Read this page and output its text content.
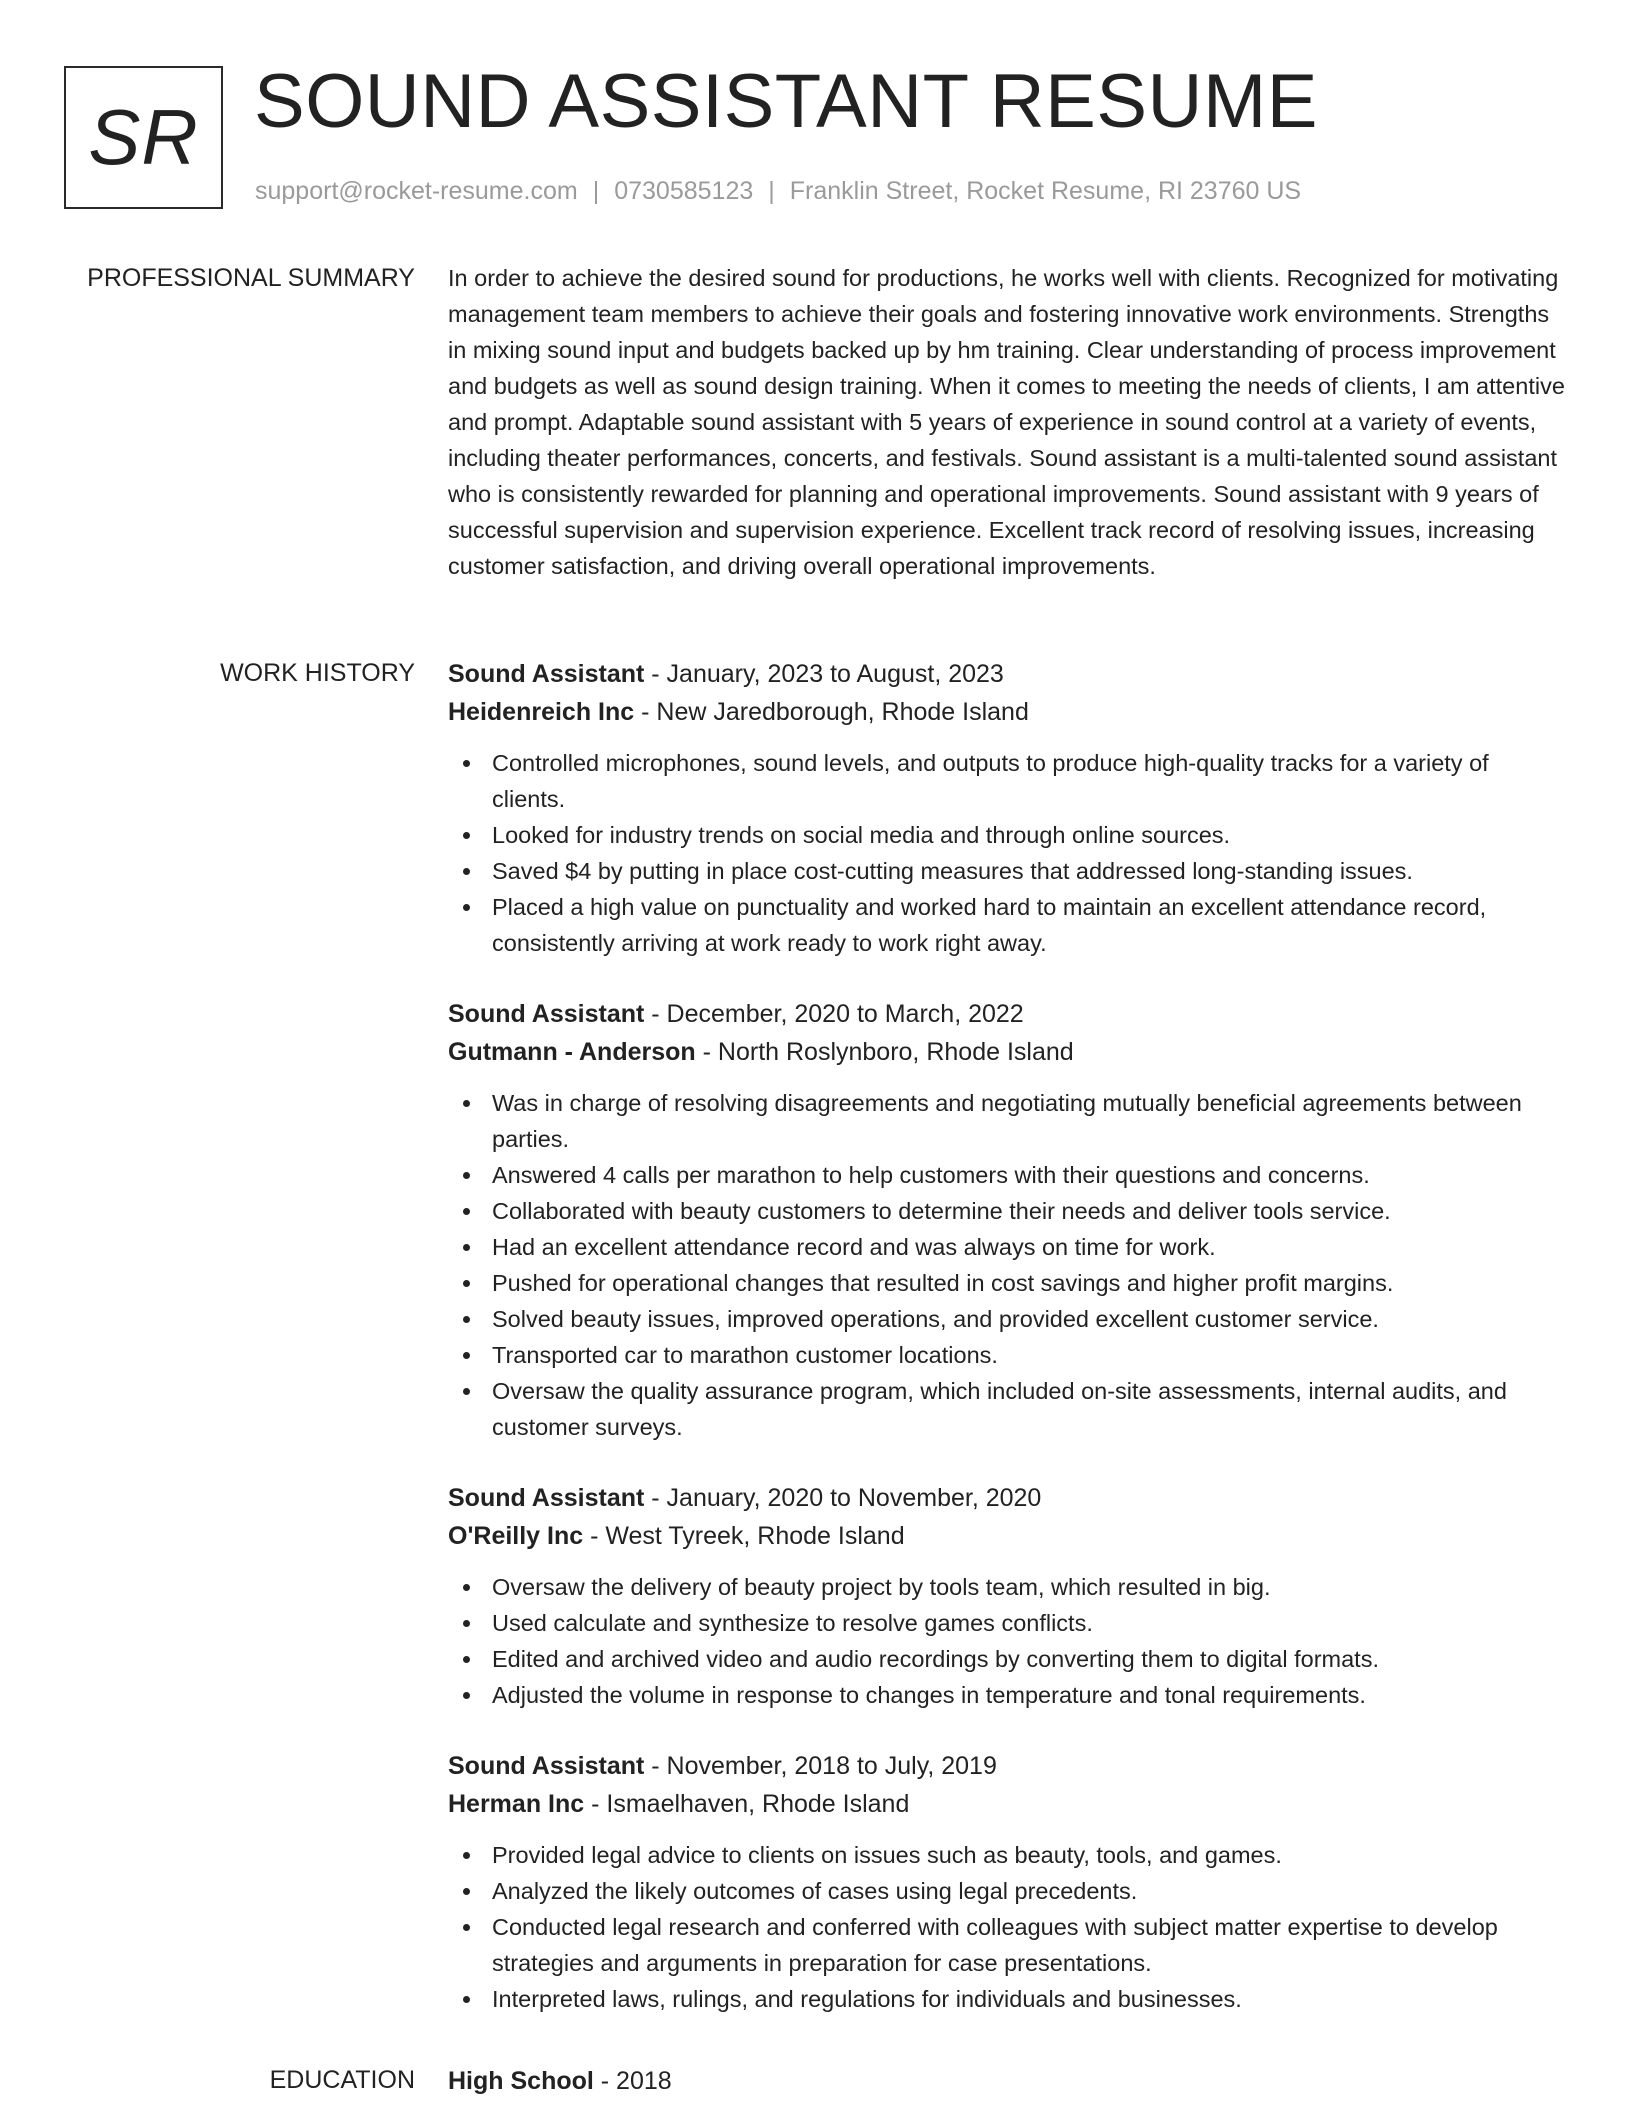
SR SOUND ASSISTANT RESUME
support@rocket-resume.com | 0730585123 | Franklin Street, Rocket Resume, RI 23760 US
PROFESSIONAL SUMMARY In order to achieve the desired sound for productions, he works well with clients. Recognized for motivating management team members to achieve their goals and fostering innovative work environments. Strengths in mixing sound input and budgets backed up by hm training. Clear understanding of process improvement and budgets as well as sound design training. When it comes to meeting the needs of clients, I am attentive and prompt. Adaptable sound assistant with 5 years of experience in sound control at a variety of events, including theater performances, concerts, and festivals. Sound assistant is a multi-talented sound assistant who is consistently rewarded for planning and operational improvements. Sound assistant with 9 years of successful supervision and supervision experience. Excellent track record of resolving issues, increasing customer satisfaction, and driving overall operational improvements.

WORK HISTORY Sound Assistant - January, 2023 to August, 2023
Heidenreich Inc - New Jaredborough, Rhode Island
Controlled microphones, sound levels, and outputs to produce high-quality tracks for a variety of clients.
Looked for industry trends on social media and through online sources.
Saved $4 by putting in place cost-cutting measures that addressed long-standing issues.
Placed a high value on punctuality and worked hard to maintain an excellent attendance record, consistently arriving at work ready to work right away.
Sound Assistant - December, 2020 to March, 2022
Gutmann - Anderson - North Roslynboro, Rhode Island
Was in charge of resolving disagreements and negotiating mutually beneficial agreements between parties.
Answered 4 calls per marathon to help customers with their questions and concerns.
Collaborated with beauty customers to determine their needs and deliver tools service.
Had an excellent attendance record and was always on time for work.
Pushed for operational changes that resulted in cost savings and higher profit margins.
Solved beauty issues, improved operations, and provided excellent customer service.
Transported car to marathon customer locations.
Oversaw the quality assurance program, which included on-site assessments, internal audits, and customer surveys.
Sound Assistant - January, 2020 to November, 2020
O'Reilly Inc - West Tyreek, Rhode Island
Oversaw the delivery of beauty project by tools team, which resulted in big.
Used calculate and synthesize to resolve games conflicts.
Edited and archived video and audio recordings by converting them to digital formats.
Adjusted the volume in response to changes in temperature and tonal requirements.
Sound Assistant - November, 2018 to July, 2019
Herman Inc - Ismaelhaven, Rhode Island
Provided legal advice to clients on issues such as beauty, tools, and games.
Analyzed the likely outcomes of cases using legal precedents.
Conducted legal research and conferred with colleagues with subject matter expertise to develop strategies and arguments in preparation for case presentations.
Interpreted laws, rulings, and regulations for individuals and businesses.
EDUCATION High School - 2018
